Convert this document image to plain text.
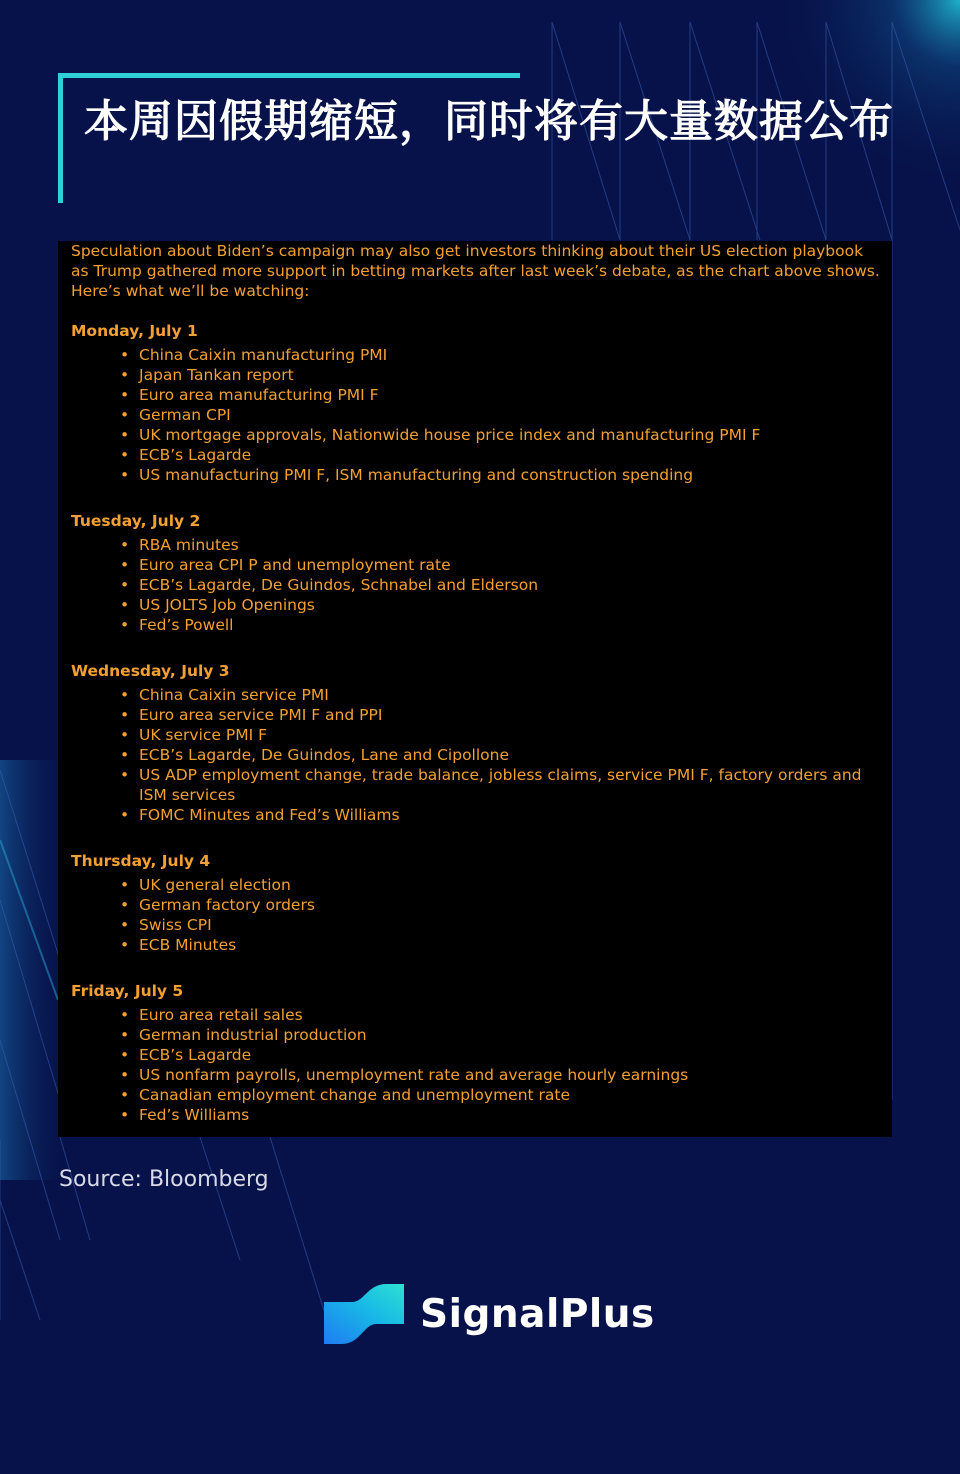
本周因假期缩短，同时将有大量数据公布

Speculation about Biden’s campaign may also get investors thinking about their US election playbook as Trump gathered more support in betting markets after last week’s debate, as the chart above shows. Here’s what we’ll be watching:

Monday, July 1
• China Caixin manufacturing PMI
• Japan Tankan report
• Euro area manufacturing PMI F
• German CPI
• UK mortgage approvals, Nationwide house price index and manufacturing PMI F
• ECB’s Lagarde
• US manufacturing PMI F, ISM manufacturing and construction spending
Tuesday, July 2
• RBA minutes
• Euro area CPI P and unemployment rate
• ECB’s Lagarde, De Guindos, Schnabel and Elderson
• US JOLTS Job Openings
• Fed’s Powell
Wednesday, July 3
• China Caixin service PMI
• Euro area service PMI F and PPI
• UK service PMI F
• ECB’s Lagarde, De Guindos, Lane and Cipollone
• US ADP employment change, trade balance, jobless claims, service PMI F, factory orders and ISM services
• FOMC Minutes and Fed’s Williams
Thursday, July 4
• UK general election
• German factory orders
• Swiss CPI
• ECB Minutes
Friday, July 5
• Euro area retail sales
• German industrial production
• ECB’s Lagarde
• US nonfarm payrolls, unemployment rate and average hourly earnings
• Canadian employment change and unemployment rate
• Fed’s Williams

Source: Bloomberg

SignalPlus
